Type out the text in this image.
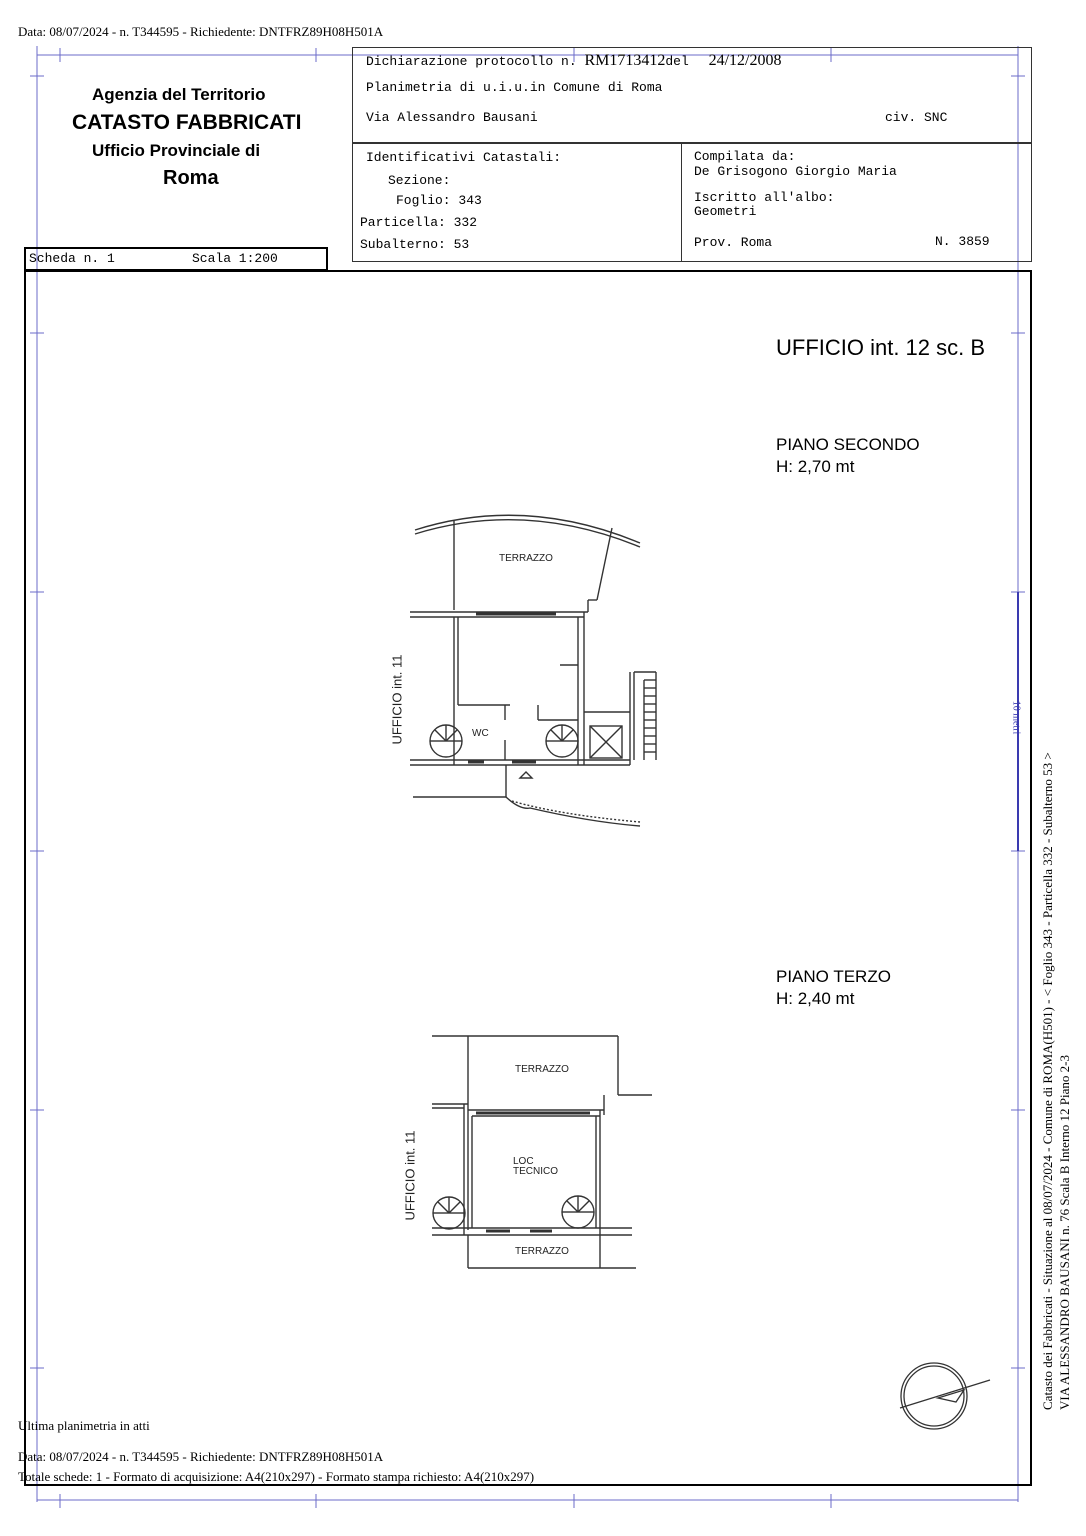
Data: 08/07/2024 - n. T344595 - Richiedente: DNTFRZ89H08H501A
Agenzia del Territorio
CATASTO FABBRICATI
Ufficio Provinciale di
Roma
Dichiarazione protocollo n. RM1713412del 24/12/2008
Planimetria di u.i.u.in Comune di Roma
Via Alessandro Bausani	civ. SNC
Identificativi Catastali:
Sezione:
Foglio: 343
Particella: 332
Subalterno: 53
Compilata da:
De Grisogono Giorgio Maria
Iscritto all'albo:
Geometri
Prov. Roma	N. 3859
Scheda n. 1	Scala 1:200
UFFICIO int. 12 sc. B
PIANO SECONDO
H: 2,70 mt
PIANO TERZO
H: 2,40 mt
TERRAZZO
WC
UFFICIO int. 11
TERRAZZO
LOC
TECNICO
TERRAZZO
UFFICIO int. 11
10 metri
Catasto dei Fabbricati - Situazione al 08/07/2024 - Comune di ROMA(H501) - < Foglio 343 - Particella 332 - Subalterno 53 > VIA ALESSANDRO BAUSANI n. 76 Scala B Interno 12 Piano 2-3
Ultima planimetria in atti
Data: 08/07/2024 - n. T344595 - Richiedente: DNTFRZ89H08H501A
Totale schede: 1 - Formato di acquisizione: A4(210x297) - Formato stampa richiesto: A4(210x297)
